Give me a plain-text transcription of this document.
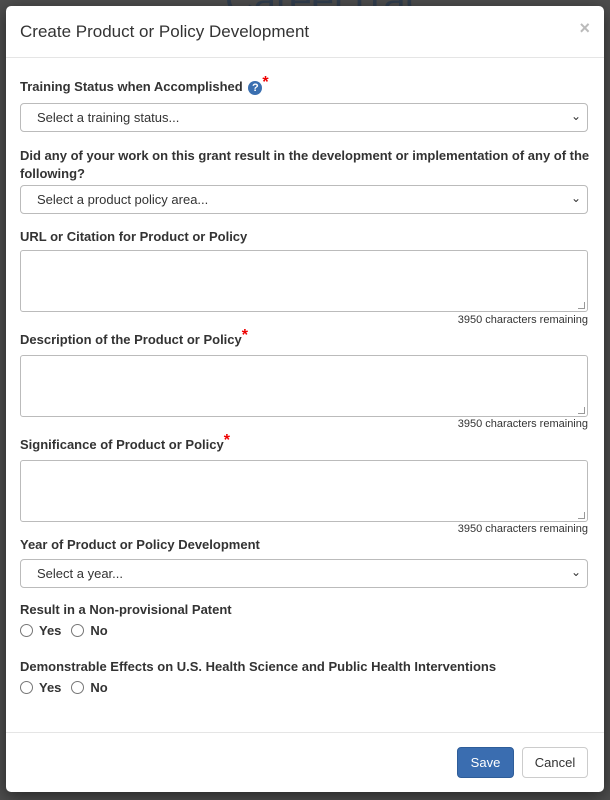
Create Product or Policy Development	×
Training Status when Accomplished ? *
Select a training status...	⌄
Did any of your work on this grant result in the development or implementation of any of the following?
Select a product policy area...	⌄
URL or Citation for Product or Policy
3950 characters remaining
Description of the Product or Policy*
3950 characters remaining
Significance of Product or Policy*
3950 characters remaining
Year of Product or Policy Development
Select a year...	⌄
Result in a Non-provisional Patent
Yes No
Demonstrable Effects on U.S. Health Science and Public Health Interventions
Yes No
Save	Cancel
